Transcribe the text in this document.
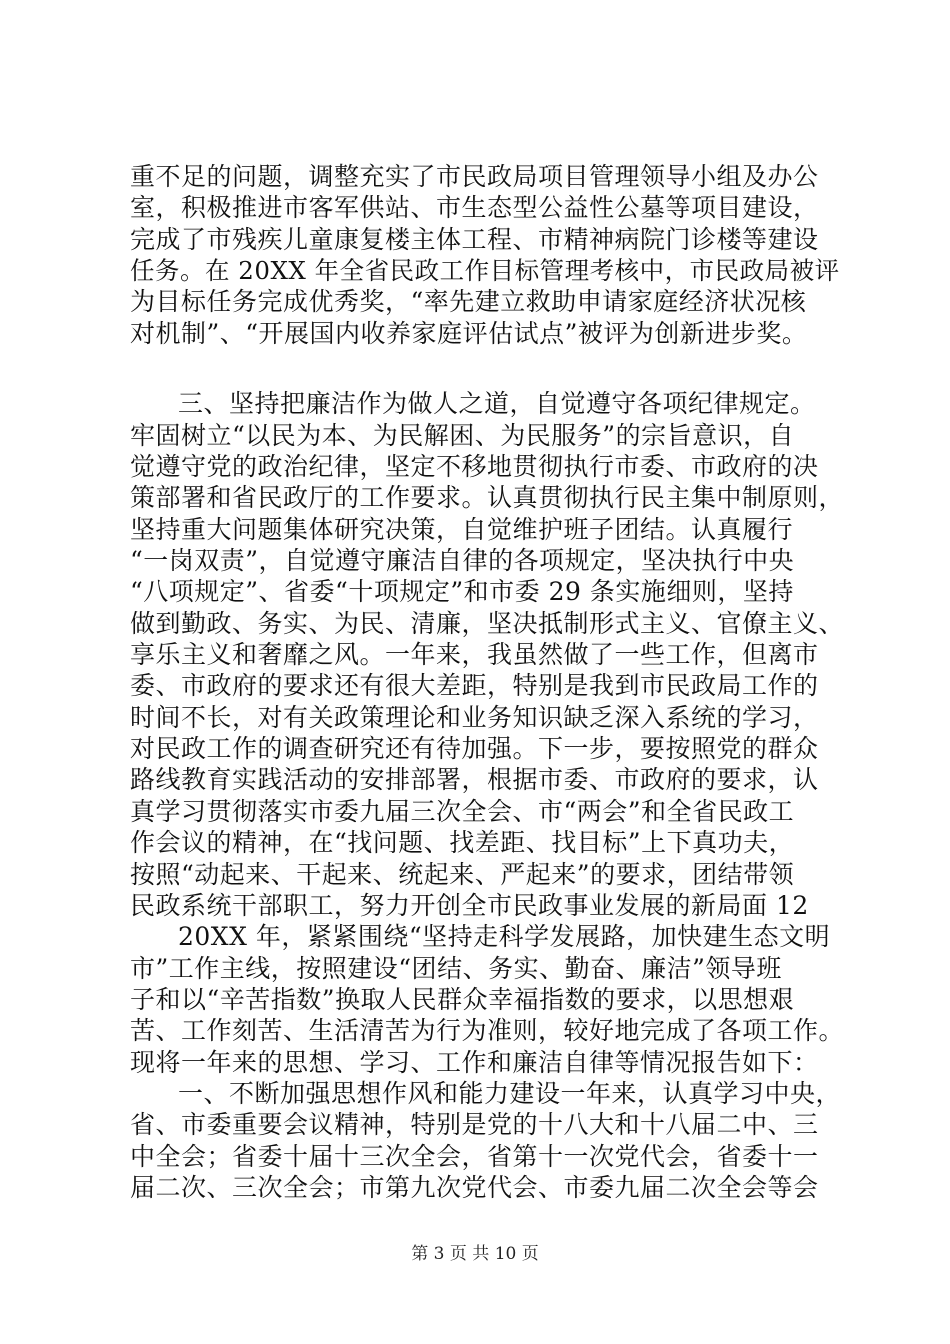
重不足的问题，调整充实了市民政局项目管理领导小组及办公
室，积极推进市客军供站、市生态型公益性公墓等项目建设，
完成了市残疾儿童康复楼主体工程、市精神病院门诊楼等建设
任务。在 20XX 年全省民政工作目标管理考核中，市民政局被评
为目标任务完成优秀奖，“率先建立救助申请家庭经济状况核
对机制”、“开展国内收养家庭评估试点”被评为创新进步奖。
三、坚持把廉洁作为做人之道，自觉遵守各项纪律规定。
牢固树立“以民为本、为民解困、为民服务”的宗旨意识，自
觉遵守党的政治纪律，坚定不移地贯彻执行市委、市政府的决
策部署和省民政厅的工作要求。认真贯彻执行民主集中制原则，
坚持重大问题集体研究决策，自觉维护班子团结。认真履行
“一岗双责”，自觉遵守廉洁自律的各项规定，坚决执行中央
“八项规定”、省委“十项规定”和市委 29 条实施细则，坚持
做到勤政、务实、为民、清廉，坚决抵制形式主义、官僚主义、
享乐主义和奢靡之风。一年来，我虽然做了一些工作，但离市
委、市政府的要求还有很大差距，特别是我到市民政局工作的
时间不长，对有关政策理论和业务知识缺乏深入系统的学习，
对民政工作的调查研究还有待加强。下一步，要按照党的群众
路线教育实践活动的安排部署，根据市委、市政府的要求，认
真学习贯彻落实市委九届三次全会、市“两会”和全省民政工
作会议的精神，在“找问题、找差距、找目标”上下真功夫，
按照“动起来、干起来、统起来、严起来”的要求，团结带领
民政系统干部职工，努力开创全市民政事业发展的新局面 12
20XX 年，紧紧围绕“坚持走科学发展路，加快建生态文明
市”工作主线，按照建设“团结、务实、勤奋、廉洁”领导班
子和以“辛苦指数”换取人民群众幸福指数的要求，以思想艰
苦、工作刻苦、生活清苦为行为准则，较好地完成了各项工作。
现将一年来的思想、学习、工作和廉洁自律等情况报告如下：
一、不断加强思想作风和能力建设一年来，认真学习中央，
省、市委重要会议精神，特别是党的十八大和十八届二中、三
中全会；省委十届十三次全会，省第十一次党代会，省委十一
届二次、三次全会；市第九次党代会、市委九届二次全会等会
第 3 页 共 10 页
